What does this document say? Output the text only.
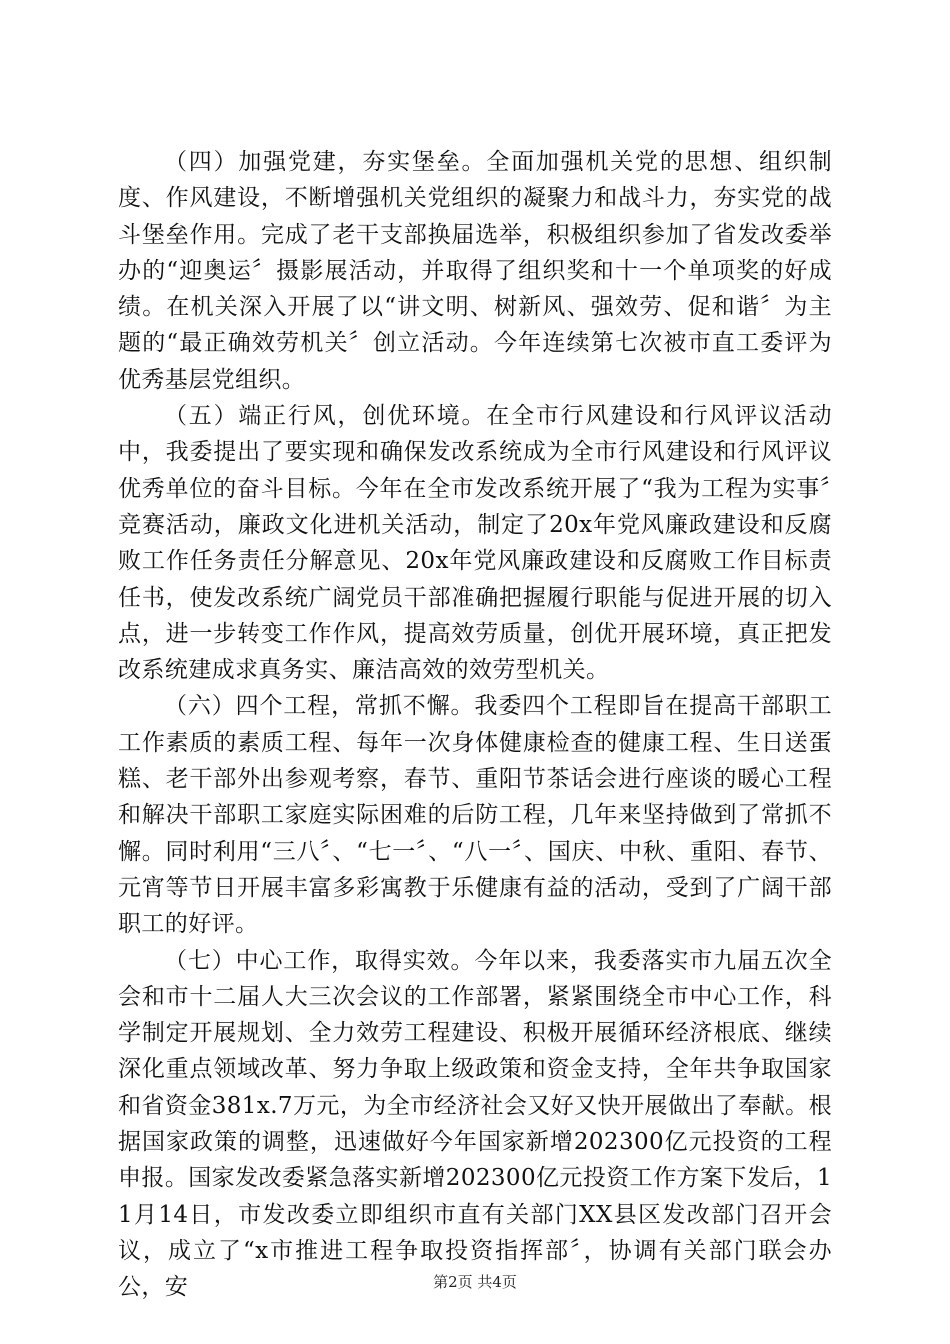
（四）加强党建，夯实堡垒。全面加强机关党的思想、组织制度、作风建设，不断增强机关党组织的凝聚力和战斗力，夯实党的战斗堡垒作用。完成了老干支部换届选举，积极组织参加了省发改委举办的“迎奥运〞摄影展活动，并取得了组织奖和十一个单项奖的好成绩。在机关深入开展了以“讲文明、树新风、强效劳、促和谐〞为主题的“最正确效劳机关〞创立活动。今年连续第七次被市直工委评为优秀基层党组织。

（五）端正行风，创优环境。在全市行风建设和行风评议活动中，我委提出了要实现和确保发改系统成为全市行风建设和行风评议优秀单位的奋斗目标。今年在全市发改系统开展了“我为工程为实事〞竞赛活动，廉政文化进机关活动，制定了20x年党风廉政建设和反腐败工作任务责任分解意见、20x年党风廉政建设和反腐败工作目标责任书，使发改系统广阔党员干部准确把握履行职能与促进开展的切入点，进一步转变工作作风，提高效劳质量，创优开展环境，真正把发改系统建成求真务实、廉洁高效的效劳型机关。

（六）四个工程，常抓不懈。我委四个工程即旨在提高干部职工工作素质的素质工程、每年一次身体健康检查的健康工程、生日送蛋糕、老干部外出参观考察，春节、重阳节茶话会进行座谈的暖心工程和解决干部职工家庭实际困难的后防工程，几年来坚持做到了常抓不懈。同时利用“三八〞、“七一〞、“八一〞、国庆、中秋、重阳、春节、元宵等节日开展丰富多彩寓教于乐健康有益的活动，受到了广阔干部职工的好评。

（七）中心工作，取得实效。今年以来，我委落实市九届五次全会和市十二届人大三次会议的工作部署，紧紧围绕全市中心工作，科学制定开展规划、全力效劳工程建设、积极开展循环经济根底、继续深化重点领域改革、努力争取上级政策和资金支持，全年共争取国家和省资金381x.7万元，为全市经济社会又好又快开展做出了奉献。根据国家政策的调整，迅速做好今年国家新增202300亿元投资的工程申报。国家发改委紧急落实新增202300亿元投资工作方案下发后，11月14日，市发改委立即组织市直有关部门XX县区发改部门召开会议，成立了“x市推进工程争取投资指挥部〞，协调有关部门联会办公，安	第2页 共4页
